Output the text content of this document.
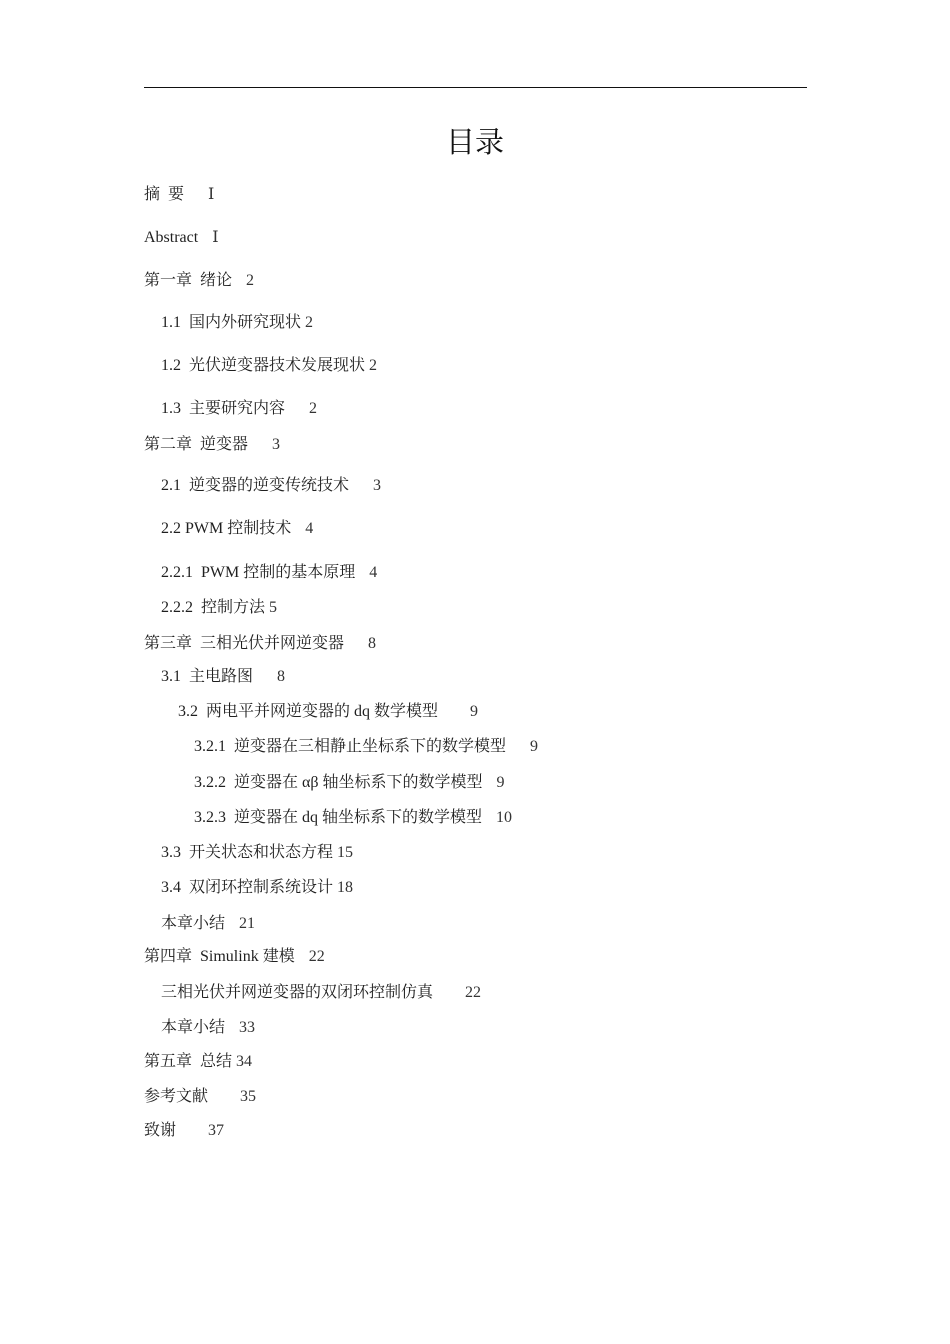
目录
摘  要 Ⅰ
Abstract Ⅰ
第一章 绪论 2
1.1 国内外研究现状 2
1.2 光伏逆变器技术发展现状 2
1.3 主要研究内容 2
第二章 逆变器 3
2.1 逆变器的逆变传统技术 3
2.2 PWM 控制技术 4
2.2.1 PWM 控制的基本原理 4
2.2.2 控制方法 5
第三章 三相光伏并网逆变器 8
3.1 主电路图 8
3.2 两电平并网逆变器的 dq 数学模型 9
3.2.1 逆变器在三相静止坐标系下的数学模型 9
3.2.2 逆变器在 αβ 轴坐标系下的数学模型 9
3.2.3 逆变器在 dq 轴坐标系下的数学模型 10
3.3 开关状态和状态方程 15
3.4 双闭环控制系统设计 18
本章小结 21
第四章 Simulink 建模 22
三相光伏并网逆变器的双闭环控制仿真 22
本章小结 33
第五章 总结 34
参考文献 35
致谢 37
